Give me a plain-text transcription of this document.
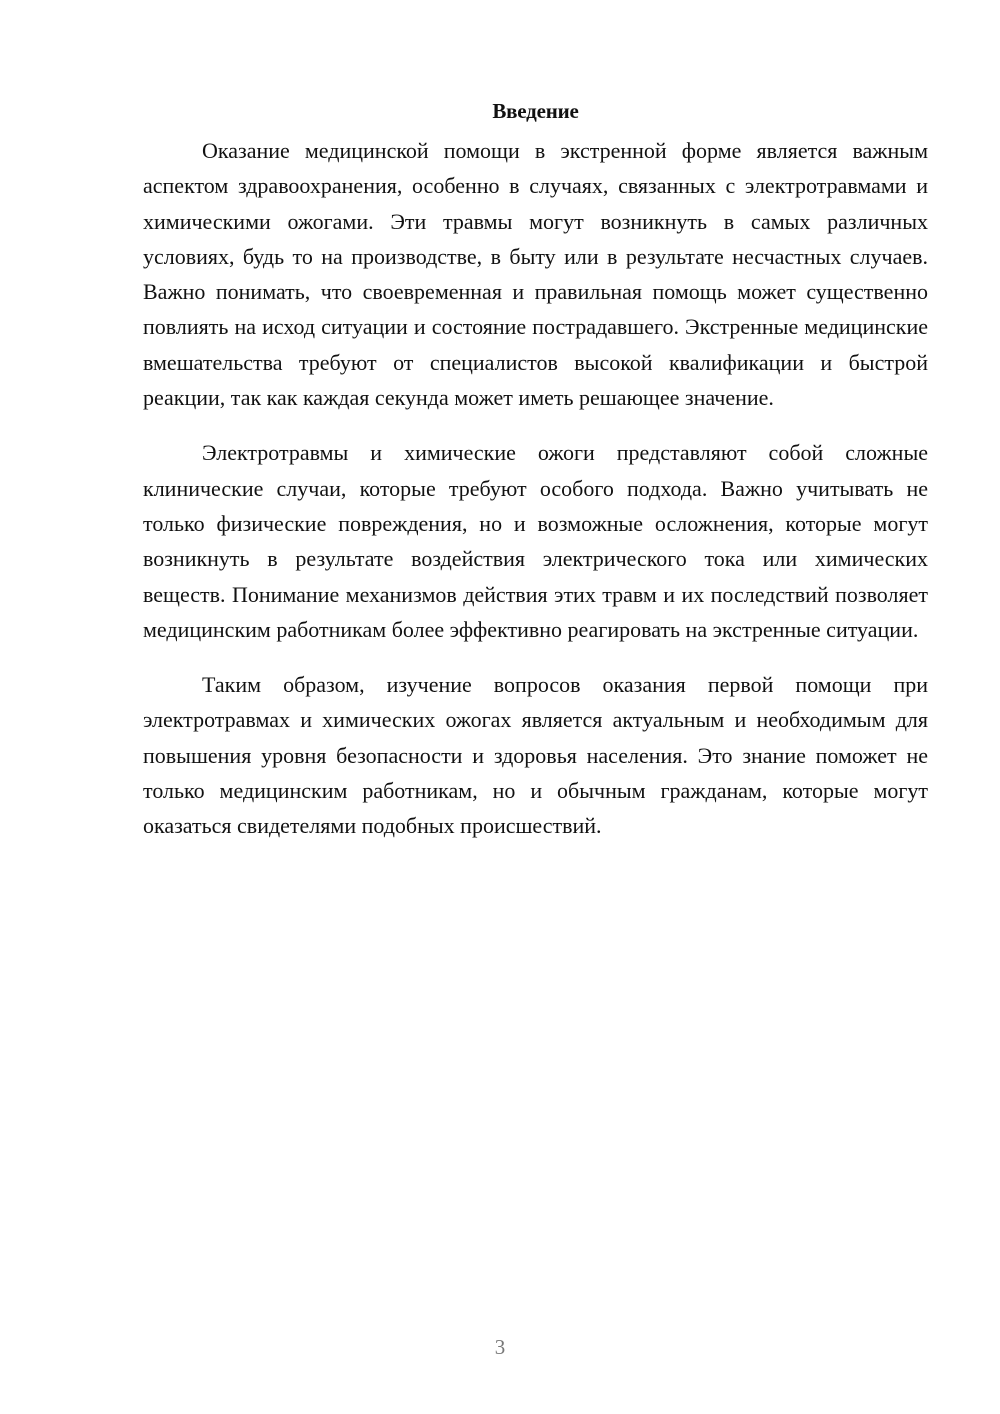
Введение

Оказание медицинской помощи в экстренной форме является важным аспектом здравоохранения, особенно в случаях, связанных с электротравмами и химическими ожогами. Эти травмы могут возникнуть в самых различных условиях, будь то на производстве, в быту или в результате несчастных случаев. Важно понимать, что своевременная и правильная помощь может существенно повлиять на исход ситуации и состояние пострадавшего. Экстренные медицинские вмешательства требуют от специалистов высокой квалификации и быстрой реакции, так как каждая секунда может иметь решающее значение.

Электротравмы и химические ожоги представляют собой сложные клинические случаи, которые требуют особого подхода. Важно учитывать не только физические повреждения, но и возможные осложнения, которые могут возникнуть в результате воздействия электрического тока или химических веществ. Понимание механизмов действия этих травм и их последствий позволяет медицинским работникам более эффективно реагировать на экстренные ситуации.

Таким образом, изучение вопросов оказания первой помощи при электротравмах и химических ожогах является актуальным и необходимым для повышения уровня безопасности и здоровья населения. Это знание поможет не только медицинским работникам, но и обычным гражданам, которые могут оказаться свидетелями подобных происшествий.

3
